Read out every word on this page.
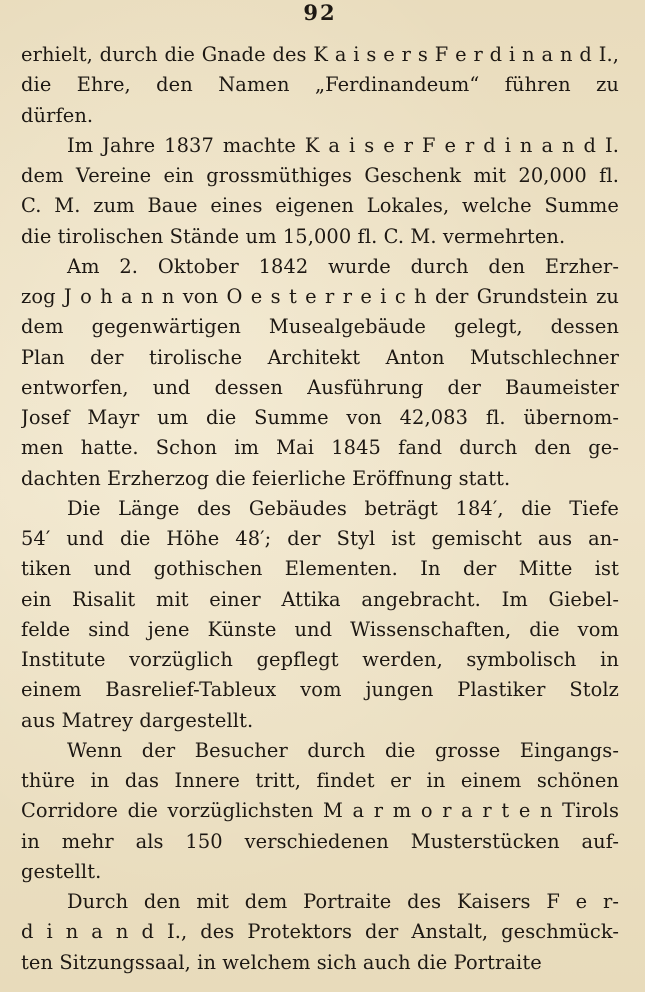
92
erhielt, durch die Gnade des K a i s e r s F e r d i n a n d I.,
die Ehre, den Namen „Ferdinandeum“ führen zu
dürfen.
Im Jahre 1837 machte K a i s e r F e r d i n a n d I.
dem Vereine ein grossmüthiges Geschenk mit 20,000 fl.
C. M. zum Baue eines eigenen Lokales, welche Summe
die tirolischen Stände um 15,000 fl. C. M. vermehrten.
Am 2. Oktober 1842 wurde durch den Erzher-
zog J o h a n n von O e s t e r r e i c h der Grundstein zu
dem gegenwärtigen Musealgebäude gelegt, dessen
Plan der tirolische Architekt Anton Mutschlechner
entworfen, und dessen Ausführung der Baumeister
Josef Mayr um die Summe von 42,083 fl. übernom-
men hatte. Schon im Mai 1845 fand durch den ge-
dachten Erzherzog die feierliche Eröffnung statt.
Die Länge des Gebäudes beträgt 184′, die Tiefe
54′ und die Höhe 48′; der Styl ist gemischt aus an-
tiken und gothischen Elementen. In der Mitte ist
ein Risalit mit einer Attika angebracht. Im Giebel-
felde sind jene Künste und Wissenschaften, die vom
Institute vorzüglich gepflegt werden, symbolisch in
einem Basrelief-Tableux vom jungen Plastiker Stolz
aus Matrey dargestellt.
Wenn der Besucher durch die grosse Eingangs-
thüre in das Innere tritt, findet er in einem schönen
Corridore die vorzüglichsten M a r m o r a r t e n Tirols
in mehr als 150 verschiedenen Musterstücken auf-
gestellt.
Durch den mit dem Portraite des Kaisers F e r-
d i n a n d I., des Protektors der Anstalt, geschmück-
ten Sitzungssaal, in welchem sich auch die Portraite
